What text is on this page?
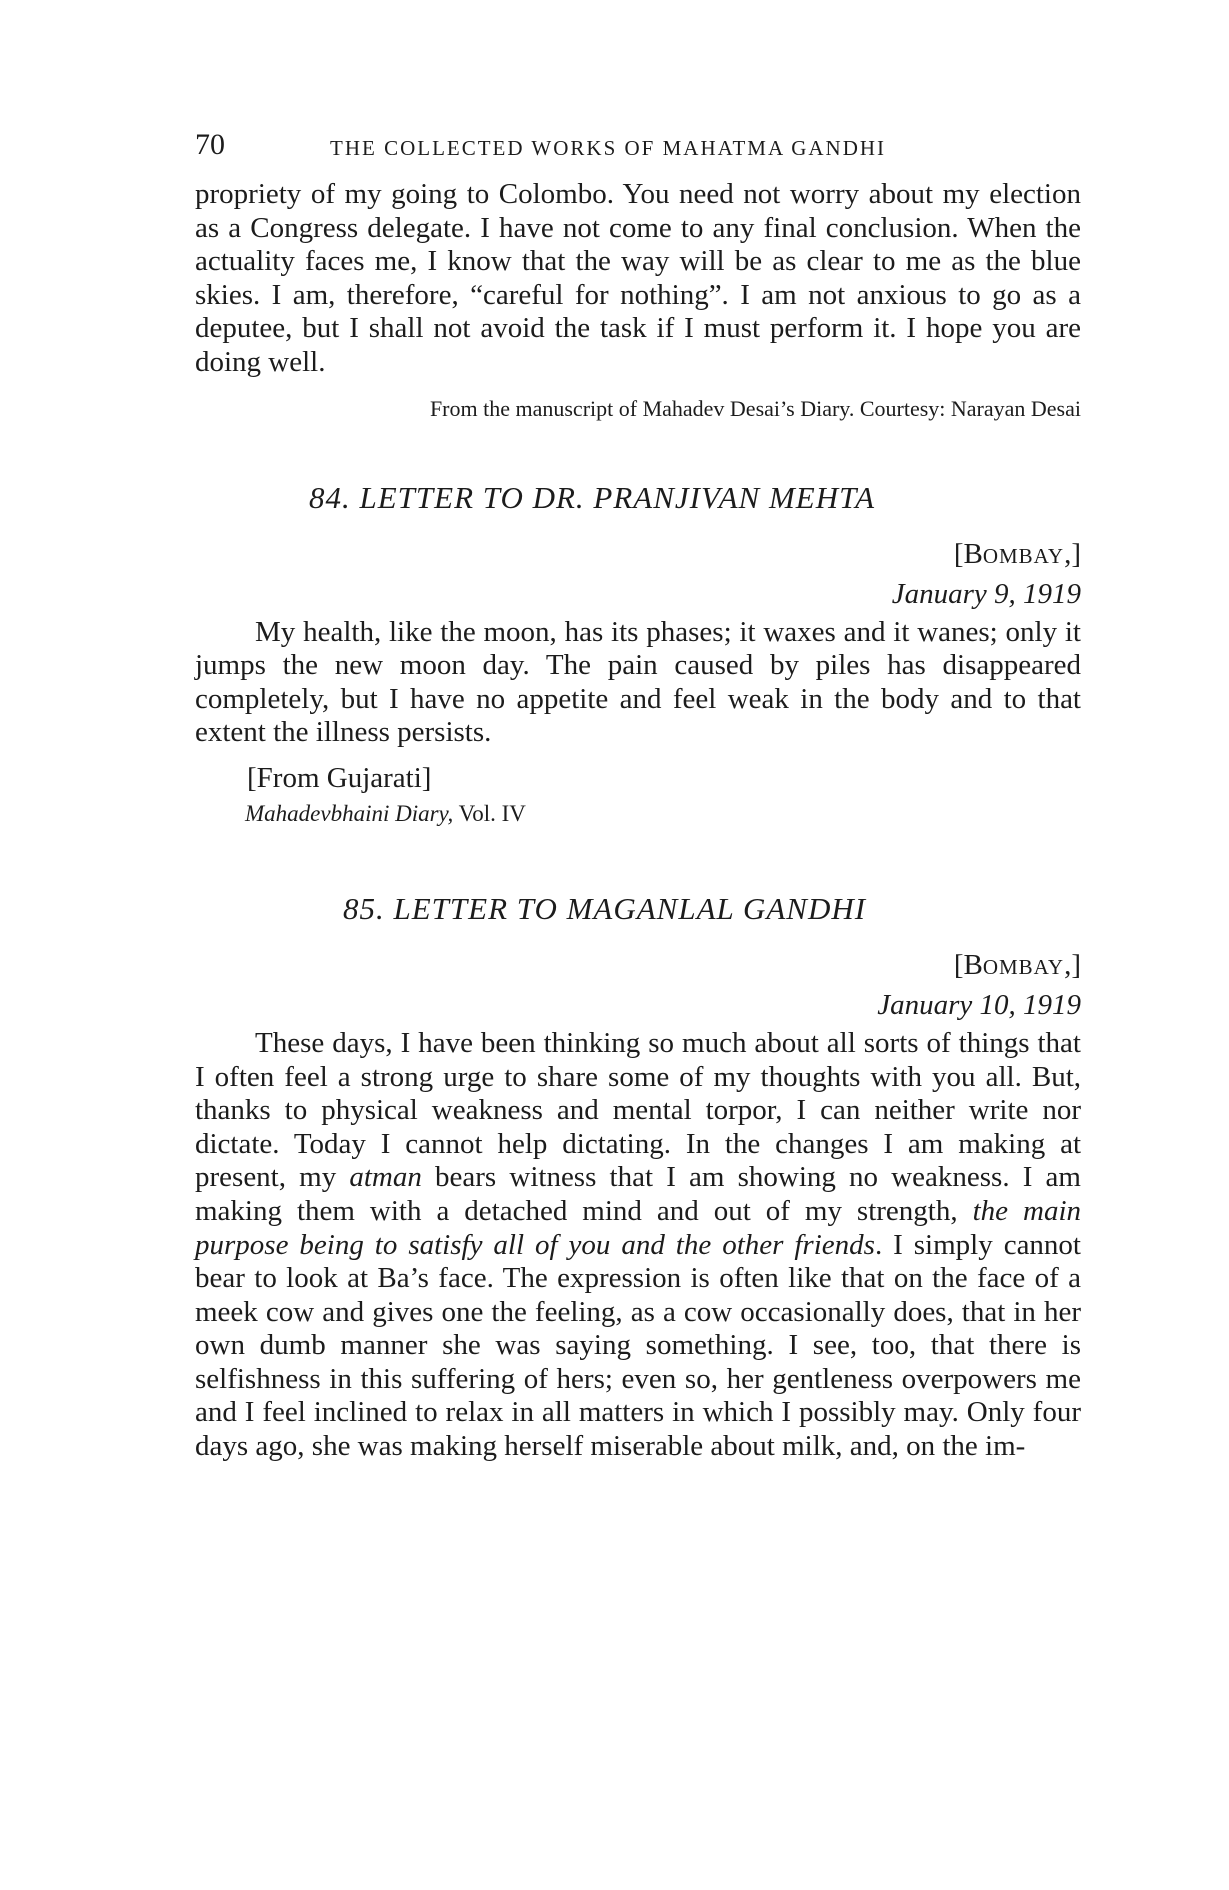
70	THE COLLECTED WORKS OF MAHATMA GANDHI

propriety of my going to Colombo. You need not worry about my election as a Congress delegate. I have not come to any final conclusion. When the actuality faces me, I know that the way will be as clear to me as the blue skies. I am, therefore, “careful for nothing”. I am not anxious to go as a deputee, but I shall not avoid the task if I must perform it. I hope you are doing well.

From the manuscript of Mahadev Desai’s Diary. Courtesy: Narayan Desai

84. LETTER TO DR. PRANJIVAN MEHTA

[BOMBAY,]

January 9, 1919

My health, like the moon, has its phases; it waxes and it wanes; only it jumps the new moon day. The pain caused by piles has disappeared completely, but I have no appetite and feel weak in the body and to that extent the illness persists.

[From Gujarati]

Mahadevbhaini Diary, Vol. IV

85. LETTER TO MAGANLAL GANDHI

[BOMBAY,]

January 10, 1919

These days, I have been thinking so much about all sorts of things that I often feel a strong urge to share some of my thoughts with you all. But, thanks to physical weakness and mental torpor, I can neither write nor dictate. Today I cannot help dictating. In the changes I am making at present, my atman bears witness that I am showing no weakness. I am making them with a detached mind and out of my strength, the main purpose being to satisfy all of you and the other friends. I simply cannot bear to look at Ba’s face. The expression is often like that on the face of a meek cow and gives one the feeling, as a cow occasionally does, that in her own dumb manner she was saying something. I see, too, that there is selfishness in this suffering of hers; even so, her gentleness overpowers me and I feel inclined to relax in all matters in which I possibly may. Only four days ago, she was making herself miserable about milk, and, on the im-
